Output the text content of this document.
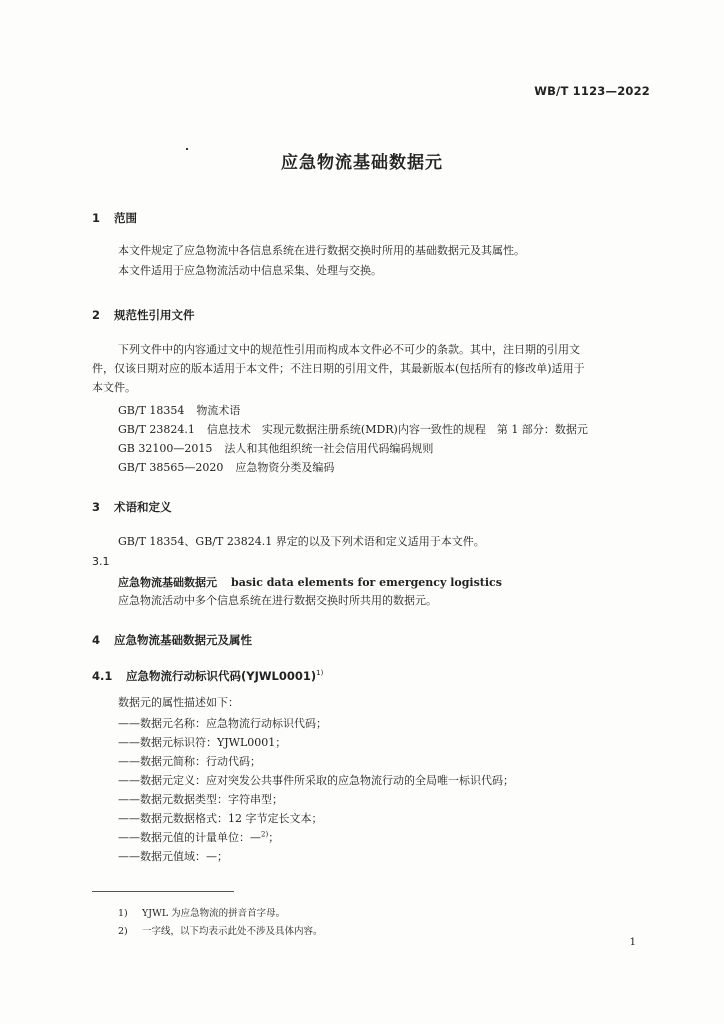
WB/T 1123—2022
应急物流基础数据元
1 范围
本文件规定了应急物流中各信息系统在进行数据交换时所用的基础数据元及其属性。
本文件适用于应急物流活动中信息采集、处理与交换。
2 规范性引用文件
下列文件中的内容通过文中的规范性引用而构成本文件必不可少的条款。其中，注日期的引用文
件，仅该日期对应的版本适用于本文件；不注日期的引用文件，其最新版本(包括所有的修改单)适用于
本文件。
GB/T 18354 物流术语
GB/T 23824.1 信息技术　实现元数据注册系统(MDR)内容一致性的规程　第 1 部分：数据元
GB 32100—2015 法人和其他组织统一社会信用代码编码规则
GB/T 38565—2020 应急物资分类及编码
3 术语和定义
GB/T 18354、GB/T 23824.1 界定的以及下列术语和定义适用于本文件。
3.1
应急物流基础数据元 basic data elements for emergency logistics
应急物流活动中多个信息系统在进行数据交换时所共用的数据元。
4 应急物流基础数据元及属性
4.1 应急物流行动标识代码(YJWL0001)$^{1)}$
数据元的属性描述如下：
——数据元名称：应急物流行动标识代码；
——数据元标识符：YJWL0001；
——数据元简称：行动代码；
——数据元定义：应对突发公共事件所采取的应急物流行动的全局唯一标识代码；
——数据元数据类型：字符串型；
——数据元数据格式：12 字节定长文本；
——数据元值的计量单位：—$^{2)}$；
——数据元值域：—；
1) YJWL 为应急物流的拼音首字母。
2) 一字线，以下均表示此处不涉及具体内容。
1
